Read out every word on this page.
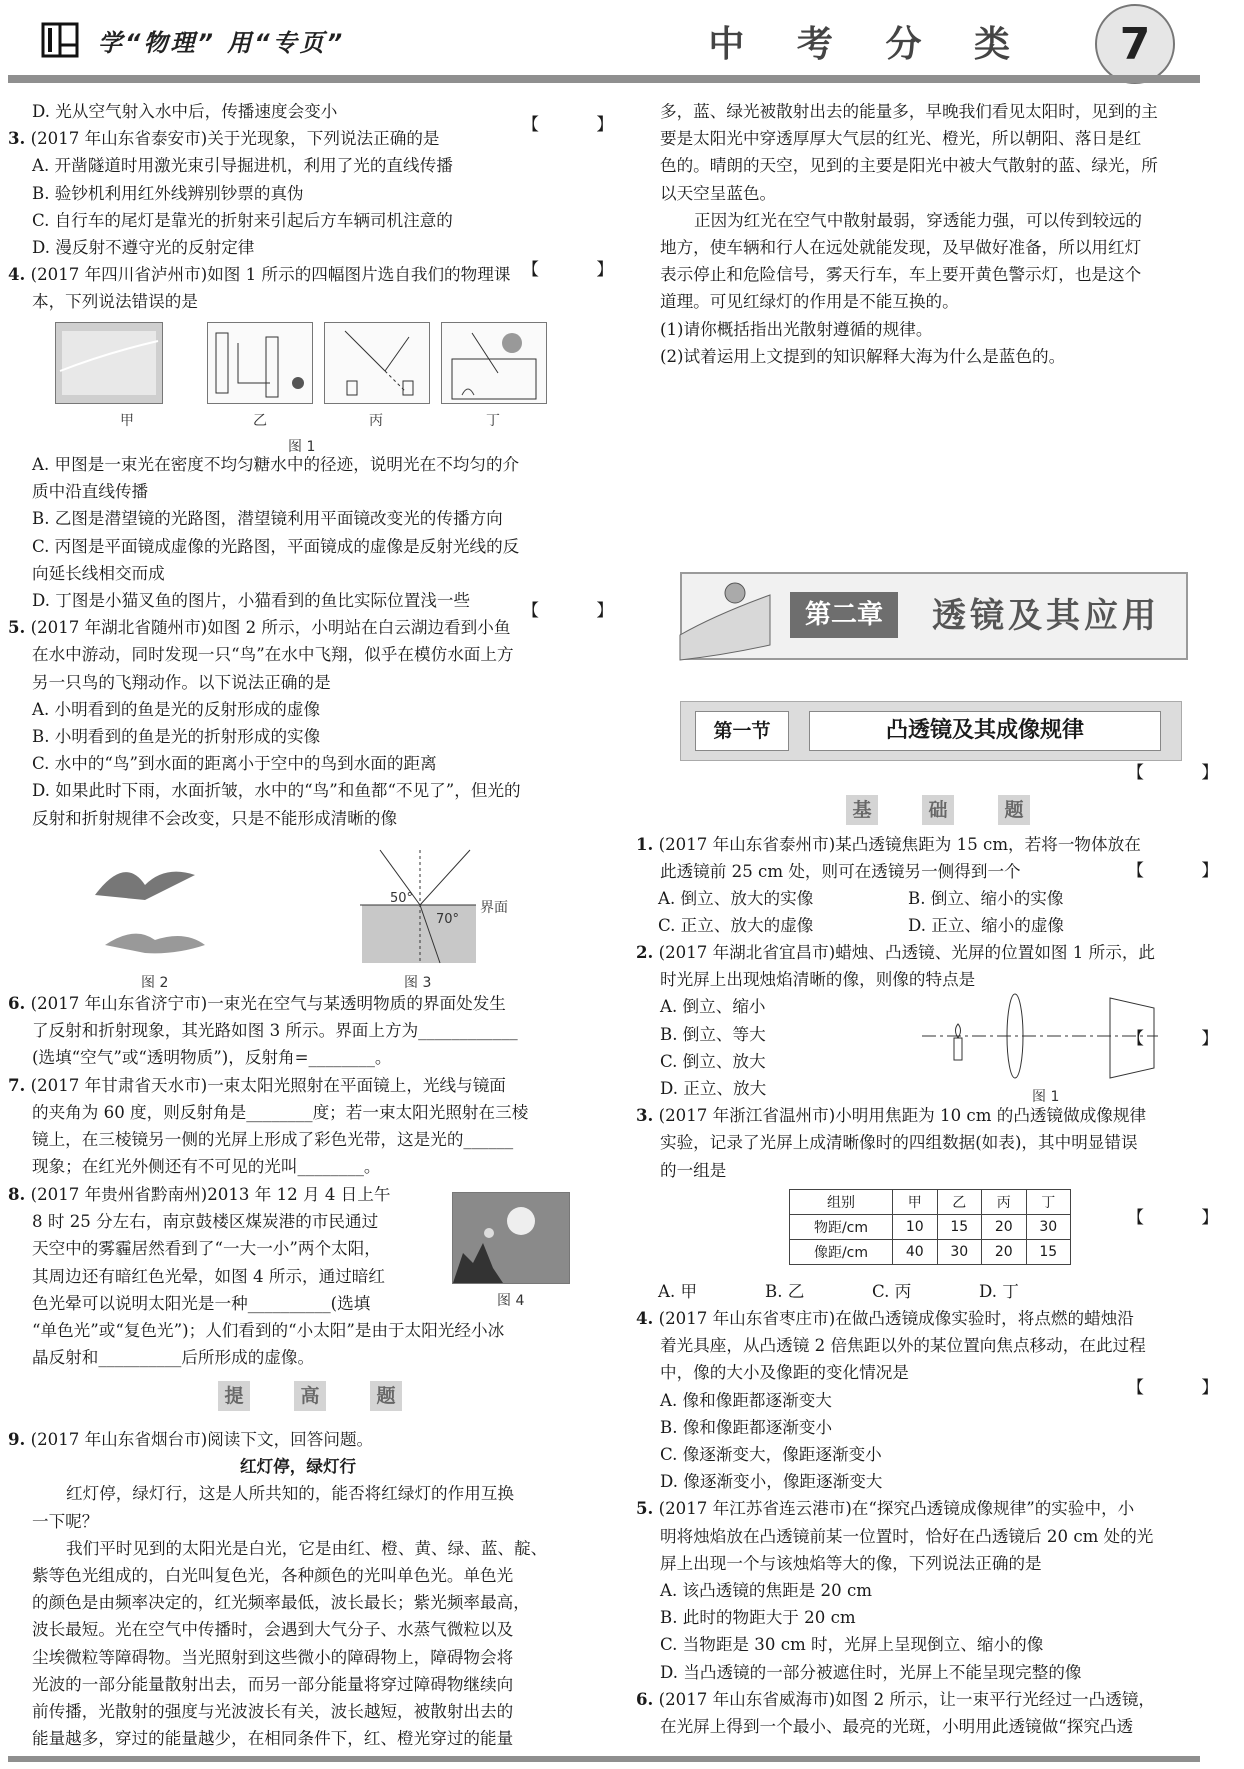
学“物理” 用“专页”	中 考 分 类	7
D. 光从空气射入水中后，传播速度会变小
3. (2017 年山东省泰安市)关于光现象，下列说法正确的是
A. 开凿隧道时用激光束引导掘进机，利用了光的直线传播
B. 验钞机利用红外线辨别钞票的真伪
C. 自行车的尾灯是靠光的折射来引起后方车辆司机注意的
D. 漫反射不遵守光的反射定律
4. (2017 年四川省泸州市)如图 1 所示的四幅图片选自我们的物理课
本，下列说法错误的是
A. 甲图是一束光在密度不均匀糖水中的径迹，说明光在不均匀的介
质中沿直线传播
B. 乙图是潜望镜的光路图，潜望镜利用平面镜改变光的传播方向
C. 丙图是平面镜成虚像的光路图，平面镜成的虚像是反射光线的反
向延长线相交而成
D. 丁图是小猫叉鱼的图片，小猫看到的鱼比实际位置浅一些
5. (2017 年湖北省随州市)如图 2 所示，小明站在白云湖边看到小鱼
在水中游动，同时发现一只“鸟”在水中飞翔，似乎在模仿水面上方
另一只鸟的飞翔动作。以下说法正确的是
A. 小明看到的鱼是光的反射形成的虚像
B. 小明看到的鱼是光的折射形成的实像
C. 水中的“鸟”到水面的距离小于空中的鸟到水面的距离
D. 如果此时下雨，水面折皱，水中的“鸟”和鱼都“不见了”，但光的
反射和折射规律不会改变，只是不能形成清晰的像
6. (2017 年山东省济宁市)一束光在空气与某透明物质的界面处发生
了反射和折射现象，其光路如图 3 所示。界面上方为____________
(选填“空气”或“透明物质”)，反射角=________。
7. (2017 年甘肃省天水市)一束太阳光照射在平面镜上，光线与镜面
的夹角为 60 度，则反射角是________度；若一束太阳光照射在三棱
镜上，在三棱镜另一侧的光屏上形成了彩色光带，这是光的______
现象；在红光外侧还有不可见的光叫________。
8. (2017 年贵州省黔南州)2013 年 12 月 4 日上午
8 时 25 分左右，南京鼓楼区煤炭港的市民通过
天空中的雾霾居然看到了“一大一小”两个太阳，
其周边还有暗红色光晕，如图 4 所示，通过暗红
色光晕可以说明太阳光是一种__________(选填
“单色光”或“复色光”)；人们看到的“小太阳”是由于太阳光经小冰
晶反射和__________后所形成的虚像。
9. (2017 年山东省烟台市)阅读下文，回答问题。
红灯停，绿灯行
红灯停，绿灯行，这是人所共知的，能否将红绿灯的作用互换
一下呢？
我们平时见到的太阳光是白光，它是由红、橙、黄、绿、蓝、靛、
紫等色光组成的，白光叫复色光，各种颜色的光叫单色光。单色光
的颜色是由频率决定的，红光频率最低，波长最长；紫光频率最高，
波长最短。光在空气中传播时，会遇到大气分子、水蒸气微粒以及
尘埃微粒等障碍物。当光照射到这些微小的障碍物上，障碍物会将
光波的一部分能量散射出去，而另一部分能量将穿过障碍物继续向
前传播，光散射的强度与光波波长有关，波长越短，被散射出去的
能量越多，穿过的能量越少，在相同条件下，红、橙光穿过的能量
多，蓝、绿光被散射出去的能量多，早晚我们看见太阳时，见到的主
要是太阳光中穿透厚厚大气层的红光、橙光，所以朝阳、落日是红
色的。晴朗的天空，见到的主要是阳光中被大气散射的蓝、绿光，所
以天空呈蓝色。
正因为红光在空气中散射最弱，穿透能力强，可以传到较远的
地方，使车辆和行人在远处就能发现，及早做好准备，所以用红灯
表示停止和危险信号，雾天行车，车上要开黄色警示灯，也是这个
道理。可见红绿灯的作用是不能互换的。
(1)请你概括指出光散射遵循的规律。
(2)试着运用上文提到的知识解释大海为什么是蓝色的。
1. (2017 年山东省泰州市)某凸透镜焦距为 15 cm，若将一物体放在
此透镜前 25 cm 处，则可在透镜另一侧得到一个
2. (2017 年湖北省宜昌市)蜡烛、凸透镜、光屏的位置如图 1 所示，此
时光屏上出现烛焰清晰的像，则像的特点是
A. 倒立、缩小
B. 倒立、等大
C. 倒立、放大
D. 正立、放大
3. (2017 年浙江省温州市)小明用焦距为 10 cm 的凸透镜做成像规律
实验，记录了光屏上成清晰像时的四组数据(如表)，其中明显错误
的一组是
4. (2017 年山东省枣庄市)在做凸透镜成像实验时，将点燃的蜡烛沿
着光具座，从凸透镜 2 倍焦距以外的某位置向焦点移动，在此过程
中，像的大小及像距的变化情况是
A. 像和像距都逐渐变大
B. 像和像距都逐渐变小
C. 像逐渐变大，像距逐渐变小
D. 像逐渐变小，像距逐渐变大
5. (2017 年江苏省连云港市)在“探究凸透镜成像规律”的实验中，小
明将烛焰放在凸透镜前某一位置时，恰好在凸透镜后 20 cm 处的光
屏上出现一个与该烛焰等大的像，下列说法正确的是
A. 该凸透镜的焦距是 20 cm
B. 此时的物距大于 20 cm
C. 当物距是 30 cm 时，光屏上呈现倒立、缩小的像
D. 当凸透镜的一部分被遮住时，光屏上不能呈现完整的像
6. (2017 年山东省威海市)如图 2 所示，让一束平行光经过一凸透镜，
在光屏上得到一个最小、最亮的光斑，小明用此透镜做“探究凸透
【 】
【 】
【 】
【 】
【 】
【 】
【 】
【 】
甲	乙	丙	丁
图 1
图 2
50°
70°
界面
图 3
图 4
提	高	题
第二章	透镜及其应用
第一节	凸透镜及其成像规律
基	础	题
A. 倒立、放大的实像	B. 倒立、缩小的实像
C. 正立、放大的虚像	D. 正立、缩小的虚像
图 1
组别	甲	乙	丙	丁
物距/cm	10	15	20	30
像距/cm	40	30	20	15
A. 甲	B. 乙	C. 丙	D. 丁
